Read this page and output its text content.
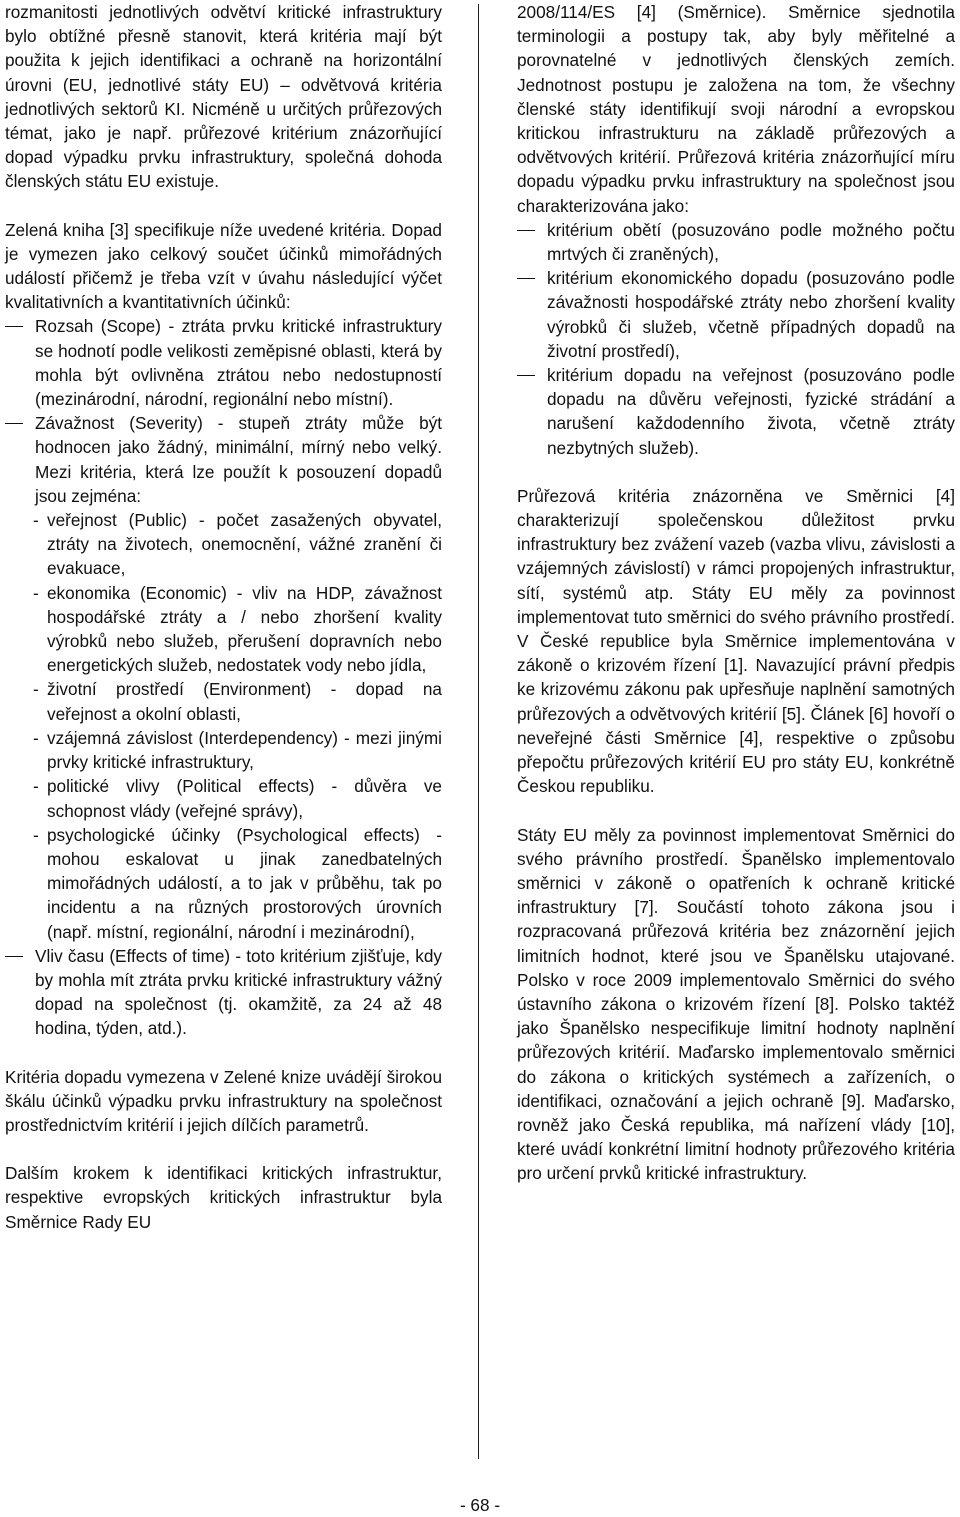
rozmanitosti jednotlivých odvětví kritické infrastruktury bylo obtížné přesně stanovit, která kritéria mají být použita k jejich identifikaci a ochraně na horizontální úrovni (EU, jednotlivé státy EU) – odvětvová kritéria jednotlivých sektorů KI. Nicméně u určitých průřezových témat, jako je např. průřezové kritérium znázorňující dopad výpadku prvku infrastruktury, společná dohoda členských státu EU existuje.

Zelená kniha [3] specifikuje níže uvedené kritéria. Dopad je vymezen jako celkový součet účinků mimořádných událostí přičemž je třeba vzít v úvahu následující výčet kvalitativních a kvantitativních účinků:

Rozsah (Scope) - ztráta prvku kritické infrastruktury se hodnotí podle velikosti zeměpisné oblasti, která by mohla být ovlivněna ztrátou nebo nedostupností (mezinárodní, národní, regionální nebo místní).
Závažnost (Severity) - stupeň ztráty může být hodnocen jako žádný, minimální, mírný nebo velký. Mezi kritéria, která lze použít k posouzení dopadů jsou zejména:
- veřejnost (Public) - počet zasažených obyvatel, ztráty na životech, onemocnění, vážné zranění či evakuace,
- ekonomika (Economic) - vliv na HDP, závažnost hospodářské ztráty a / nebo zhoršení kvality výrobků nebo služeb, přerušení dopravních nebo energetických služeb, nedostatek vody nebo jídla,
- životní prostředí (Environment) - dopad na veřejnost a okolní oblasti,
- vzájemná závislost (Interdependency) - mezi jinými prvky kritické infrastruktury,
- politické vlivy (Political effects) - důvěra ve schopnost vlády (veřejné správy),
- psychologické účinky (Psychological effects) - mohou eskalovat u jinak zanedbatelných mimořádných událostí, a to jak v průběhu, tak po incidentu a na různých prostorových úrovních (např. místní, regionální, národní i mezinárodní),
Vliv času (Effects of time) - toto kritérium zjišťuje, kdy by mohla mít ztráta prvku kritické infrastruktury vážný dopad na společnost (tj. okamžitě, za 24 až 48 hodina, týden, atd.).

Kritéria dopadu vymezena v Zelené knize uvádějí širokou škálu účinků výpadku prvku infrastruktury na společnost prostřednictvím kritérií i jejich dílčích parametrů.

Dalším krokem k identifikaci kritických infrastruktur, respektive evropských kritických infrastruktur byla Směrnice Rady EU

2008/114/ES [4] (Směrnice). Směrnice sjednotila terminologii a postupy tak, aby byly měřitelné a porovnatelné v jednotlivých členských zemích. Jednotnost postupu je založena na tom, že všechny členské státy identifikují svoji národní a evropskou kritickou infrastrukturu na základě průřezových a odvětvových kritérií. Průřezová kritéria znázorňující míru dopadu výpadku prvku infrastruktury na společnost jsou charakterizována jako:

kritérium obětí (posuzováno podle možného počtu mrtvých či zraněných),
kritérium ekonomického dopadu (posuzováno podle závažnosti hospodářské ztráty nebo zhoršení kvality výrobků či služeb, včetně případných dopadů na životní prostředí),
kritérium dopadu na veřejnost (posuzováno podle dopadu na důvěru veřejnosti, fyzické strádání a narušení každodenního života, včetně ztráty nezbytných služeb).

Průřezová kritéria znázorněna ve Směrnici [4] charakterizují společenskou důležitost prvku infrastruktury bez zvážení vazeb (vazba vlivu, závislosti a vzájemných závislostí) v rámci propojených infrastruktur, sítí, systémů atp. Státy EU měly za povinnost implementovat tuto směrnici do svého právního prostředí. V České republice byla Směrnice implementována v zákoně o krizovém řízení [1]. Navazující právní předpis ke krizovému zákonu pak upřesňuje naplnění samotných průřezových a odvětvových kritérií [5]. Článek [6] hovoří o neveřejné části Směrnice [4], respektive o způsobu přepočtu průřezových kritérií EU pro státy EU, konkrétně Českou republiku.

Státy EU měly za povinnost implementovat Směrnici do svého právního prostředí. Španělsko implementovalo směrnici v zákoně o opatřeních k ochraně kritické infrastruktury [7]. Součástí tohoto zákona jsou i rozpracovaná průřezová kritéria bez znázornění jejich limitních hodnot, které jsou ve Španělsku utajované. Polsko v roce 2009 implementovalo Směrnici do svého ústavního zákona o krizovém řízení [8]. Polsko taktéž jako Španělsko nespecifikuje limitní hodnoty naplnění průřezových kritérií. Maďarsko implementovalo směrnici do zákona o kritických systémech a zařízeních, o identifikaci, označování a jejich ochraně [9]. Maďarsko, rovněž jako Česká republika, má nařízení vlády [10], které uvádí konkrétní limitní hodnoty průřezového kritéria pro určení prvků kritické infrastruktury.

- 68 -
